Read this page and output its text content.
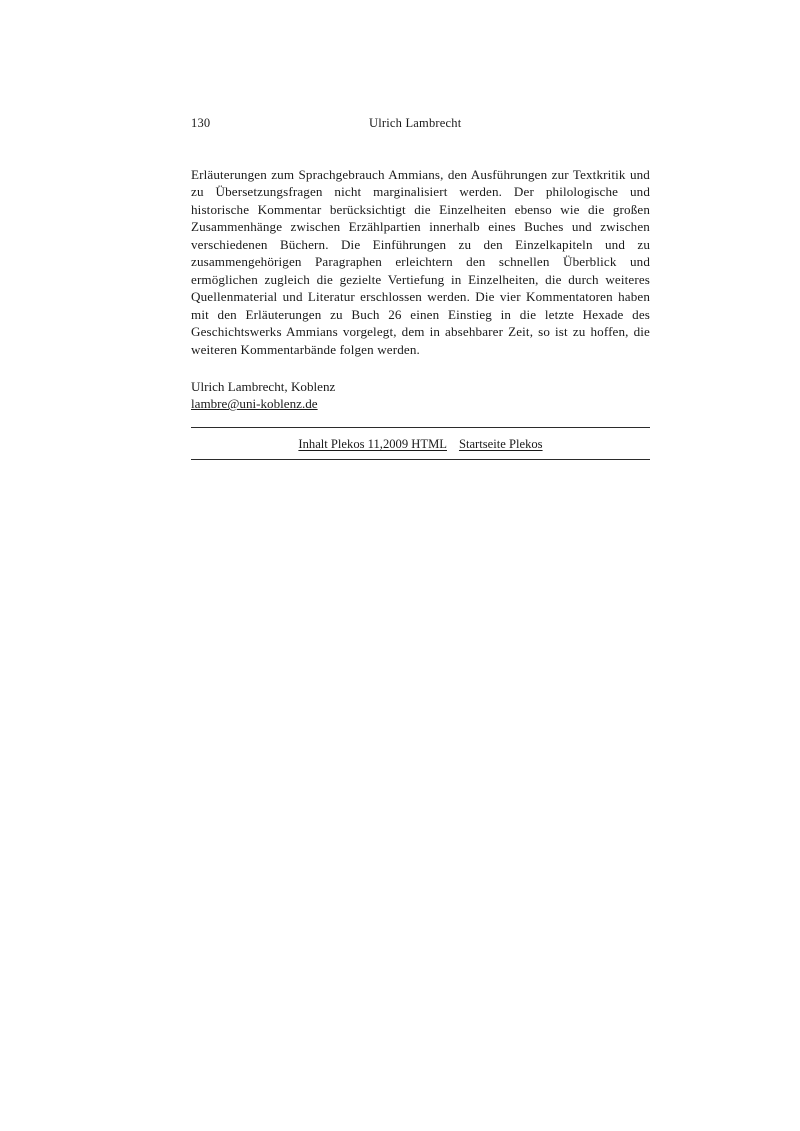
130	Ulrich Lambrecht

Erläuterungen zum Sprachgebrauch Ammians, den Ausführungen zur Textkritik und zu Übersetzungsfragen nicht marginalisiert werden. Der philologische und historische Kommentar berücksichtigt die Einzelheiten ebenso wie die großen Zusammenhänge zwischen Erzählpartien innerhalb eines Buches und zwischen verschiedenen Büchern. Die Einführungen zu den Einzelkapiteln und zu zusammengehörigen Paragraphen erleichtern den schnellen Überblick und ermöglichen zugleich die gezielte Vertiefung in Einzelheiten, die durch weiteres Quellenmaterial und Literatur erschlossen werden. Die vier Kommentatoren haben mit den Erläuterungen zu Buch 26 einen Einstieg in die letzte Hexade des Geschichtswerks Ammians vorgelegt, dem in absehbarer Zeit, so ist zu hoffen, die weiteren Kommentarbände folgen werden.

Ulrich Lambrecht, Koblenz
lambre@uni-koblenz.de
Inhalt Plekos 11,2009 HTML Startseite Plekos
